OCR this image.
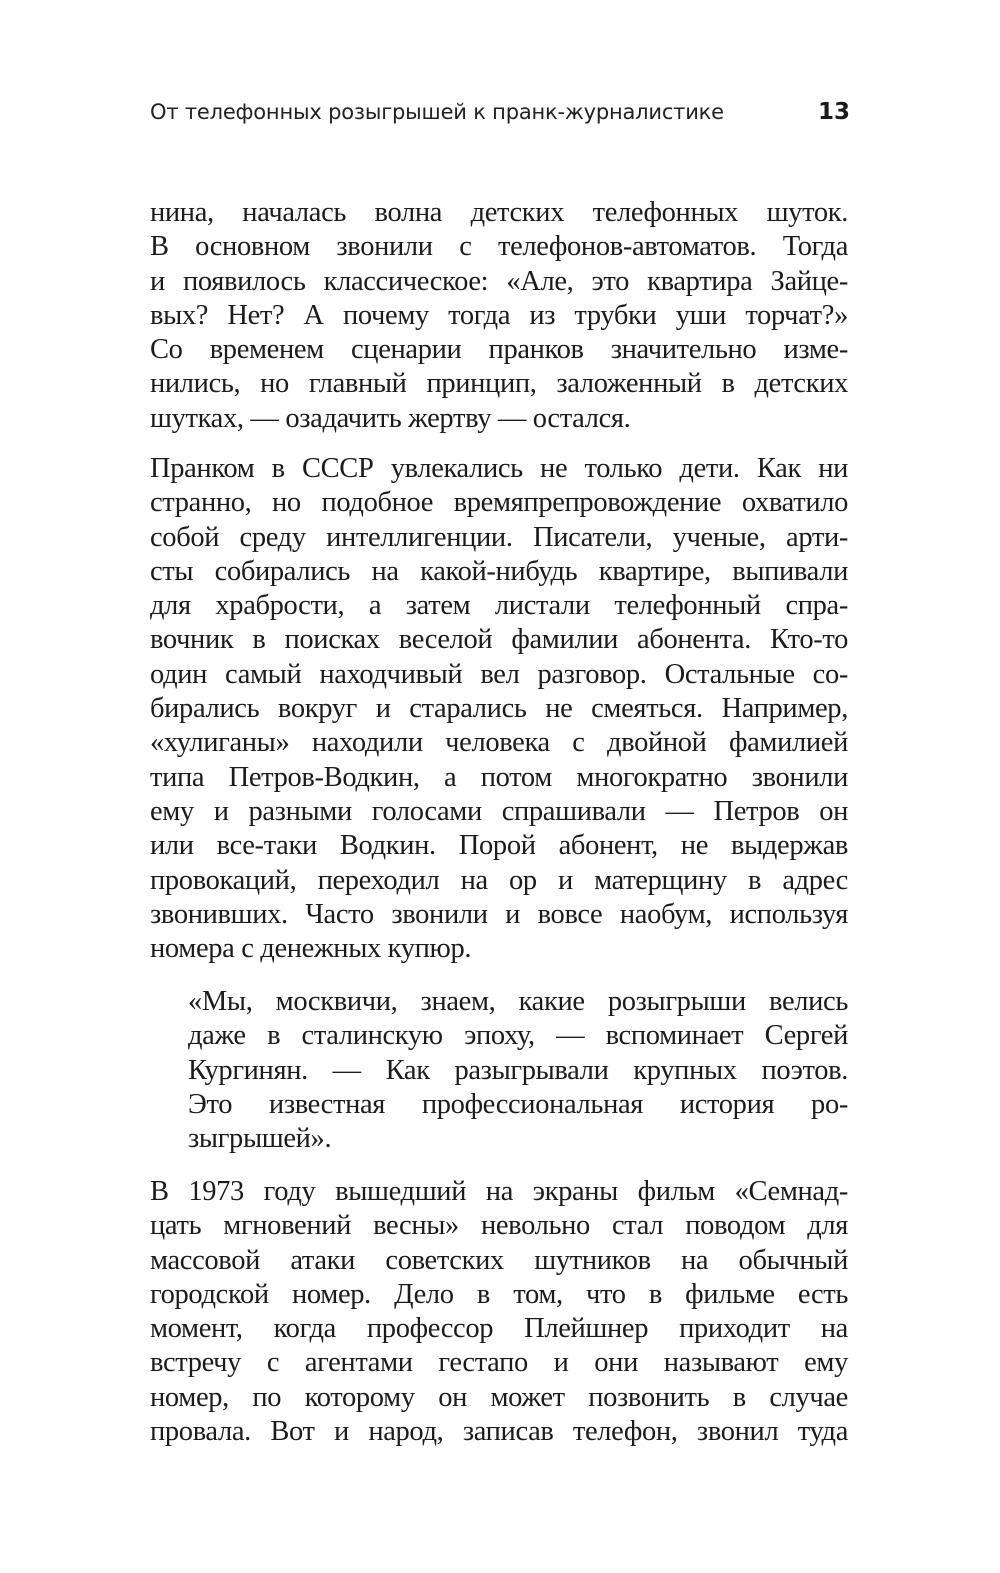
От телефонных розыгрышей к пранк-журналистике	13
нина, началась волна детских телефонных шуток.
В основном звонили с телефонов-автоматов. Тогда
и появилось классическое: «Але, это квартира Зайце-
вых? Нет? А почему тогда из трубки уши торчат?»
Со временем сценарии пранков значительно изме-
нились, но главный принцип, заложенный в детских
шутках, — озадачить жертву — остался.
Пранком в СССР увлекались не только дети. Как ни
странно, но подобное времяпрепровождение охватило
собой среду интеллигенции. Писатели, ученые, арти-
сты собирались на какой-нибудь квартире, выпивали
для храбрости, а затем листали телефонный спра-
вочник в поисках веселой фамилии абонента. Кто-то
один самый находчивый вел разговор. Остальные со-
бирались вокруг и старались не смеяться. Например,
«хулиганы» находили человека с двойной фамилией
типа Петров-Водкин, а потом многократно звонили
ему и разными голосами спрашивали — Петров он
или все-таки Водкин. Порой абонент, не выдержав
провокаций, переходил на ор и матерщину в адрес
звонивших. Часто звонили и вовсе наобум, используя
номера с денежных купюр.
«Мы, москвичи, знаем, какие розыгрыши велись
даже в сталинскую эпоху, — вспоминает Сергей
Кургинян. — Как разыгрывали крупных поэтов.
Это известная профессиональная история ро-
зыгрышей».
В 1973 году вышедший на экраны фильм «Семнад-
цать мгновений весны» невольно стал поводом для
массовой атаки советских шутников на обычный
городской номер. Дело в том, что в фильме есть
момент, когда профессор Плейшнер приходит на
встречу с агентами гестапо и они называют ему
номер, по которому он может позвонить в случае
провала. Вот и народ, записав телефон, звонил туда
